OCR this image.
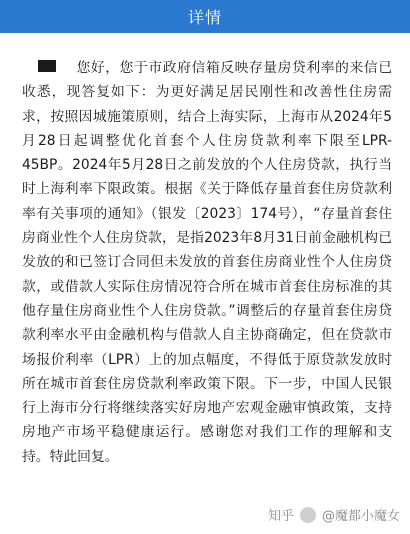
详情
您好，您于市政府信箱反映存量房贷利率的来信已收悉，现答复如下：为更好满足居民刚性和改善性住房需求，按照因城施策原则，结合上海实际，上海市从2024年5月28日起调整优化首套个人住房贷款利率下限至LPR-45BP。2024年5月28日之前发放的个人住房贷款，执行当时上海利率下限政策。根据《关于降低存量首套住房贷款利率有关事项的通知》（银发〔2023〕174号），“存量首套住房商业性个人住房贷款，是指2023年8月31日前金融机构已发放的和已签订合同但未发放的首套住房商业性个人住房贷款，或借款人实际住房情况符合所在城市首套住房标准的其他存量住房商业性个人住房贷款。”调整后的存量首套住房贷款利率水平由金融机构与借款人自主协商确定，但在贷款市场报价利率（LPR）上的加点幅度，不得低于原贷款发放时所在城市首套住房贷款利率政策下限。下一步，中国人民银行上海市分行将继续落实好房地产宏观金融审慎政策，支持房地产市场平稳健康运行。感谢您对我们工作的理解和支持。特此回复。
知乎 @魔都小魔女
